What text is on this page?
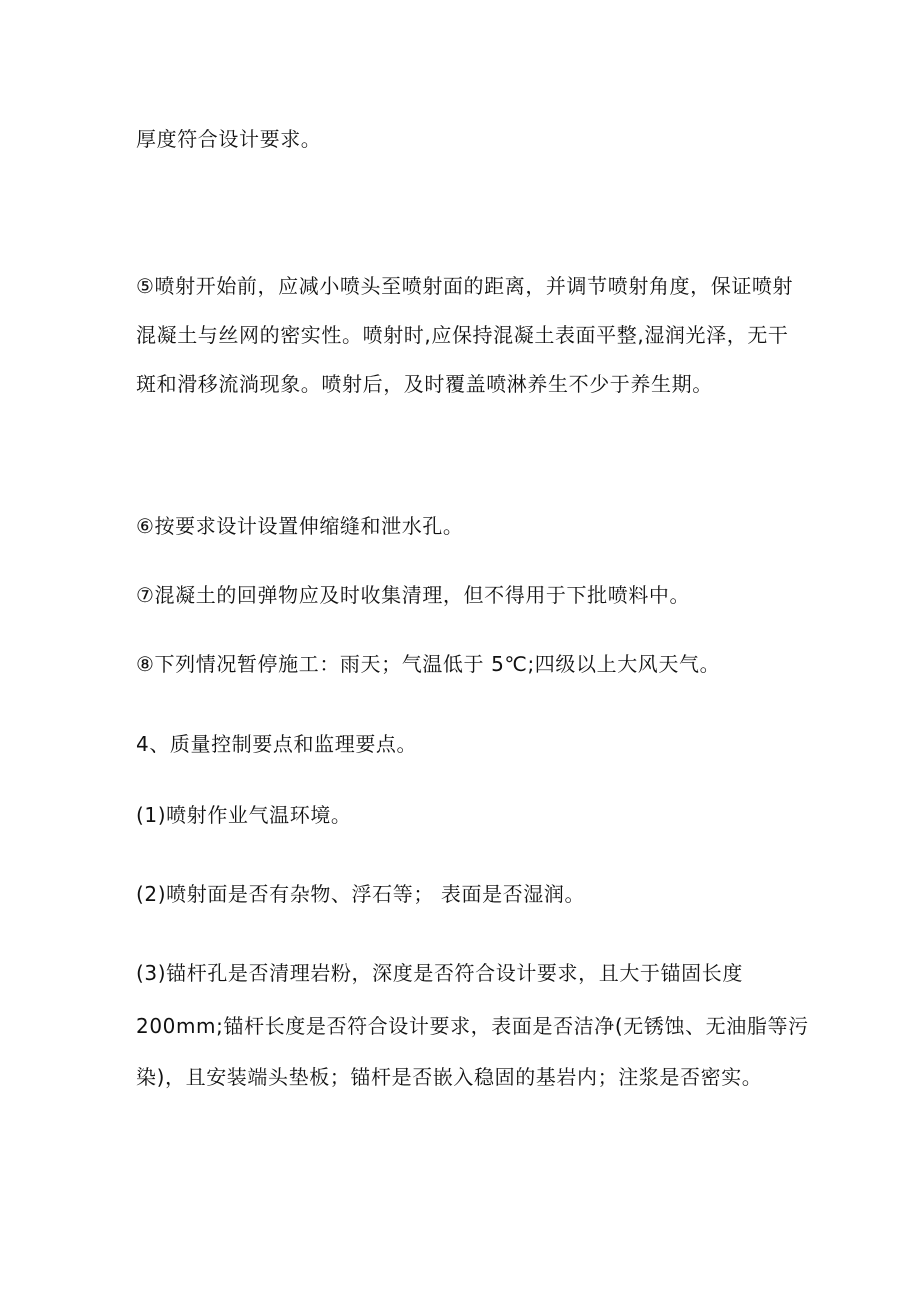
厚度符合设计要求。

⑤喷射开始前，应减小喷头至喷射面的距离，并调节喷射角度，保证喷射

混凝土与丝网的密实性。喷射时,应保持混凝土表面平整,湿润光泽，无干

斑和滑移流淌现象。喷射后，及时覆盖喷淋养生不少于养生期。

⑥按要求设计设置伸缩缝和泄水孔。

⑦混凝土的回弹物应及时收集清理，但不得用于下批喷料中。

⑧下列情况暂停施工：雨天；气温低于 5℃;四级以上大风天气。

4、质量控制要点和监理要点。

(1)喷射作业气温环境。

(2)喷射面是否有杂物、浮石等； 表面是否湿润。

(3)锚杆孔是否清理岩粉，深度是否符合设计要求，且大于锚固长度

200mm;锚杆长度是否符合设计要求，表面是否洁净(无锈蚀、无油脂等污

染)，且安装端头垫板；锚杆是否嵌入稳固的基岩内；注浆是否密实。
